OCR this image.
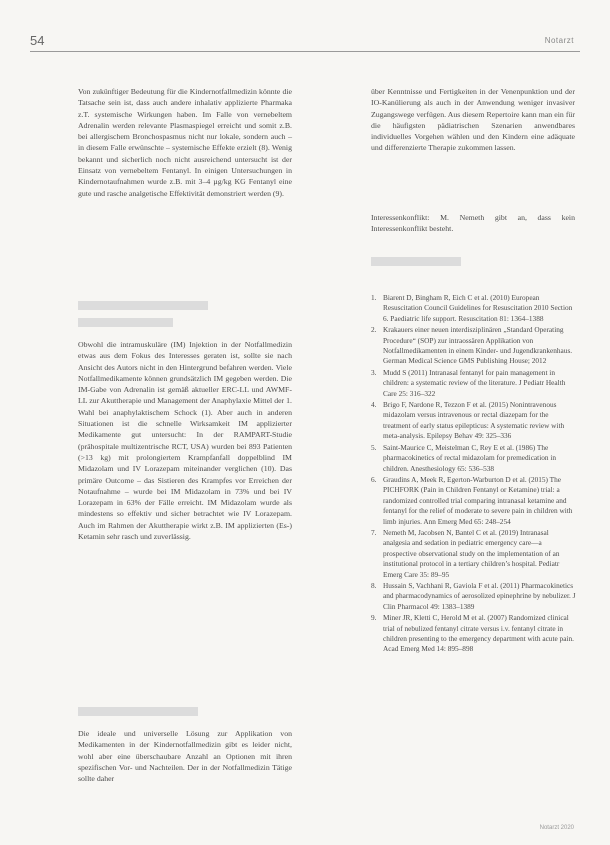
54	Notarzt

Von zukünftiger Bedeutung für die Kindernotfallmedizin könnte die Tatsache sein ist, dass auch andere inhalativ applizierte Pharmaka z.T. systemische Wirkungen haben. Im Falle von vernebeltem Adrenalin werden relevante Plasmaspiegel erreicht und somit z.B. bei allergischem Bronchospasmus nicht nur lokale, sondern auch – in diesem Falle erwünschte – systemische Effekte erzielt (8). Wenig bekannt und sicherlich noch nicht ausreichend untersucht ist der Einsatz von vernebeltem Fentanyl. In einigen Untersuchungen in Kindernotaufnahmen wurde z.B. mit 3–4 µg/kg KG Fentanyl eine gute und rasche analgetische Effektivität demonstriert werden (9).

Obwohl die intramuskuläre (IM) Injektion in der Notfallmedizin etwas aus dem Fokus des Interesses geraten ist, sollte sie nach Ansicht des Autors nicht in den Hintergrund befahren werden. Viele Notfallmedikamente können grundsätzlich IM gegeben werden. Die IM-Gabe von Adrenalin ist gemäß aktueller ERC-LL und AWMF-LL zur Akuttherapie und Management der Anaphylaxie Mittel der 1. Wahl bei anaphylaktischem Schock (1). Aber auch in anderen Situationen ist die schnelle Wirksamkeit IM applizierter Medikamente gut untersucht: In der RAMPART-Studie (prähospitale multizentrische RCT, USA) wurden bei 893 Patienten (>13 kg) mit prolongiertem Krampfanfall doppelblind IM Midazolam und IV Lorazepam miteinander verglichen (10). Das primäre Outcome – das Sistieren des Krampfes vor Erreichen der Notaufnahme – wurde bei IM Midazolam in 73% und bei IV Lorazepam in 63% der Fälle erreicht. IM Midazolam wurde als mindestens so effektiv und sicher betrachtet wie IV Lorazepam. Auch im Rahmen der Akuttherapie wirkt z.B. IM applizierten (Es-) Ketamin sehr rasch und zuverlässig.

Die ideale und universelle Lösung zur Applikation von Medikamenten in der Kindernotfallmedizin gibt es leider nicht, wohl aber eine überschaubare Anzahl an Optionen mit ihren spezifischen Vor- und Nachteilen. Der in der Notfallmedizin Tätige sollte daher

über Kenntnisse und Fertigkeiten in der Venenpunktion und der IO-Kanülierung als auch in der Anwendung weniger invasiver Zugangswege verfügen. Aus diesem Repertoire kann man ein für die häufigsten pädiatrischen Szenarien anwendbares individuelles Vorgehen wählen und den Kindern eine adäquate und differenzierte Therapie zukommen lassen.

Interessenkonflikt: M. Nemeth gibt an, dass kein Interessenkonflikt besteht.

1. Biarent D, Bingham R, Eich C et al. (2010) European Resuscitation Council Guidelines for Resuscitation 2010 Section 6. Paediatric life support. Resuscitation 81: 1364–1388
2. Krakauers einer neuen interdisziplinären „Standard Operating Procedure“ (SOP) zur intraossären Applikation von Notfallmedikamenten in einem Kinder- und Jugendkrankenhaus. German Medical Science GMS Publishing House; 2012
3. Mudd S (2011) Intranasal fentanyl for pain management in children: a systematic review of the literature. J Pediatr Health Care 25: 316–322
4. Brigo F, Nardone R, Tezzon F et al. (2015) Nonintravenous midazolam versus intravenous or rectal diazepam for the treatment of early status epilepticus: A systematic review with meta-analysis. Epilepsy Behav 49: 325–336
5. Saint-Maurice C, Meistelman C, Rey E et al. (1986) The pharmacokinetics of rectal midazolam for premedication in children. Anesthesiology 65: 536–538
6. Graudins A, Meek R, Egerton-Warburton D et al. (2015) The PICHFORK (Pain in Children Fentanyl or Ketamine) trial: a randomized controlled trial comparing intranasal ketamine and fentanyl for the relief of moderate to severe pain in children with limb injuries. Ann Emerg Med 65: 248–254
7. Nemeth M, Jacobsen N, Bantel C et al. (2019) Intranasal analgesia and sedation in pediatric emergency care—a prospective observational study on the implementation of an institutional protocol in a tertiary children’s hospital. Pediatr Emerg Care 35: 89–95
8. Hussain S, Vachhani R, Gaviola F et al. (2011) Pharmacokinetics and pharmacodynamics of aerosolized epinephrine by nebulizer. J Clin Pharmacol 49: 1383–1389
9. Miner JR, Kletti C, Herold M et al. (2007) Randomized clinical trial of nebulized fentanyl citrate versus i.v. fentanyl citrate in children presenting to the emergency department with acute pain. Acad Emerg Med 14: 895–898
Notarzt 2020
